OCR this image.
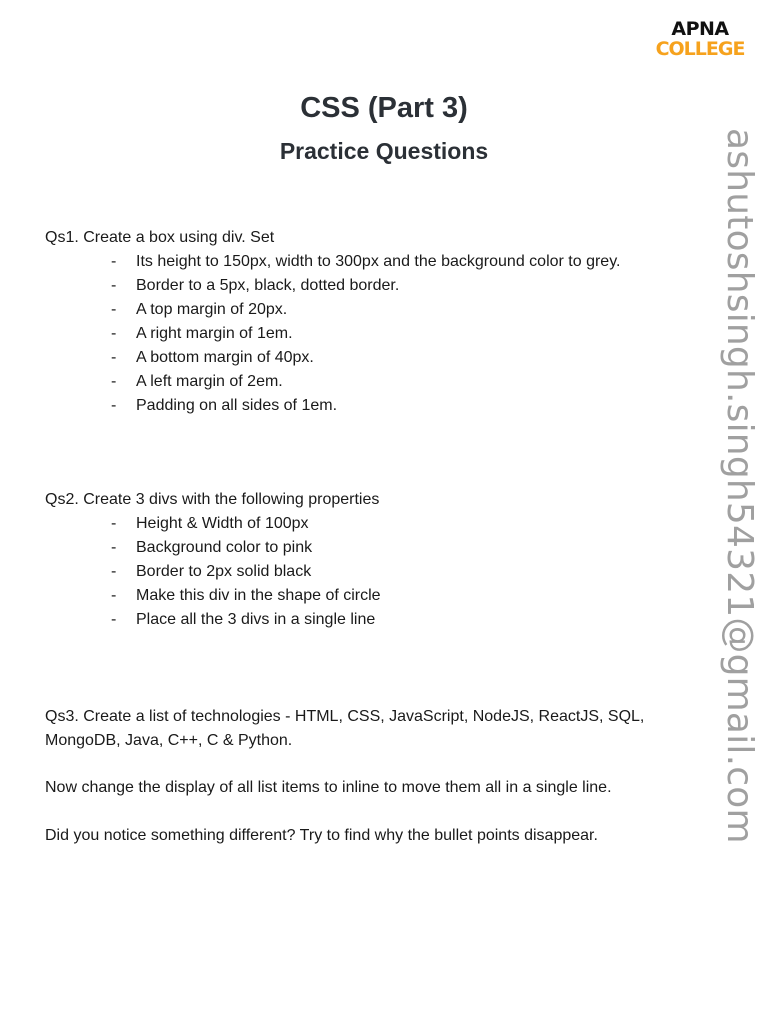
APNA
COLLEGE
ashutoshsingh.singh54321@gmail.com
CSS (Part 3)
Practice Questions

Qs1. Create a box using div. Set

- Its height to 150px, width to 300px and the background color to grey.
- Border to a 5px, black, dotted border.
- A top margin of 20px.
- A right margin of 1em.
- A bottom margin of 40px.
- A left margin of 2em.
- Padding on all sides of 1em.

Qs2. Create 3 divs with the following properties

- Height & Width of 100px
- Background color to pink
- Border to 2px solid black
- Make this div in the shape of circle
- Place all the 3 divs in a single line

Qs3. Create a list of technologies - HTML, CSS, JavaScript, NodeJS, ReactJS, SQL, MongoDB, Java, C++, C & Python.

Now change the display of all list items to inline to move them all in a single line.

Did you notice something different? Try to find why the bullet points disappear.
